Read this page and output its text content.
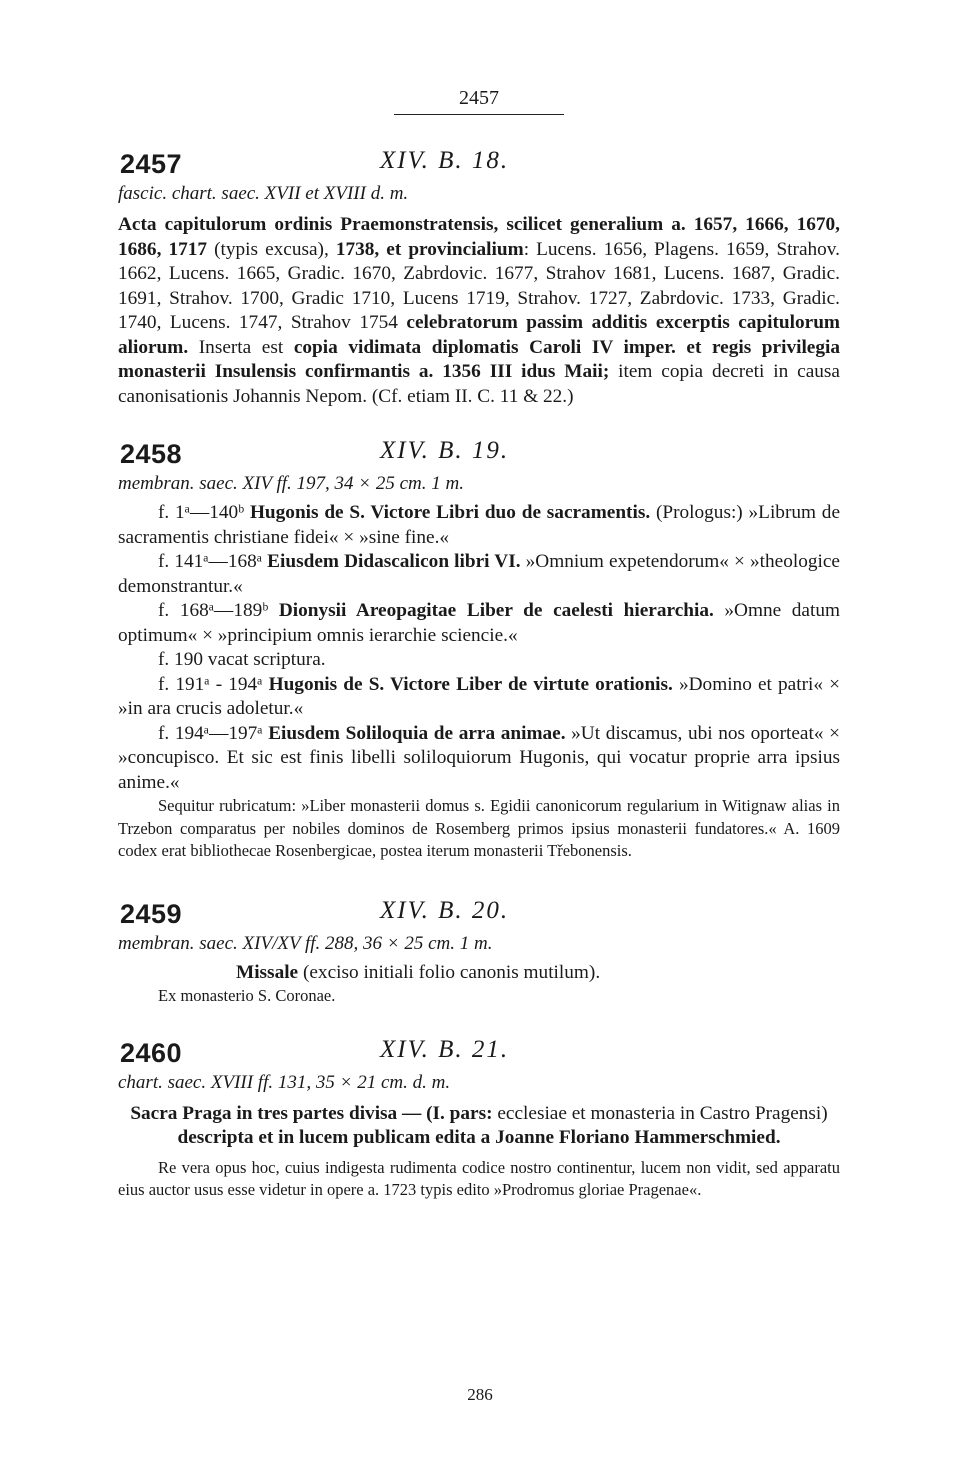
2457
2457	XIV. B. 18.
fascic. chart. saec. XVII et XVIII d. m.

Acta capitulorum ordinis Praemonstratensis, scilicet generalium a. 1657, 1666, 1670, 1686, 1717 (typis excusa), 1738, et provincialium: Lucens. 1656, Plagens. 1659, Strahov. 1662, Lucens. 1665, Gradic. 1670, Zabrdovic. 1677, Strahov 1681, Lucens. 1687, Gradic. 1691, Strahov. 1700, Gradic 1710, Lucens 1719, Strahov. 1727, Zabrdovic. 1733, Gradic. 1740, Lucens. 1747, Strahov 1754 celebratorum passim additis excerptis capitulorum aliorum. Inserta est copia vidimata diplomatis Caroli IV imper. et regis privilegia monasterii Insulensis confirmantis a. 1356 III idus Maii; item copia decreti in causa canonisationis Johannis Nepom. (Cf. etiam II. C. 11 & 22.)

2458	XIV. B. 19.
membran. saec. XIV ff. 197, 34 × 25 cm. 1 m.

f. 1ᵃ—140ᵇ Hugonis de S. Victore Libri duo de sacramentis. (Prologus:) »Librum de sacramentis christiane fidei« × »sine fine.«

f. 141ᵃ—168ᵃ Eiusdem Didascalicon libri VI. »Omnium expetendorum« × »theologice demonstrantur.«

f. 168ᵃ—189ᵇ Dionysii Areopagitae Liber de caelesti hierarchia. »Omne datum optimum« × »principium omnis ierarchie sciencie.«

f. 190 vacat scriptura.

f. 191ᵃ - 194ᵃ Hugonis de S. Victore Liber de virtute orationis. »Domino et patri« × »in ara crucis adoletur.«

f. 194ᵃ—197ᵃ Eiusdem Soliloquia de arra animae. »Ut discamus, ubi nos oporteat« × »concupisco. Et sic est finis libelli soliloquiorum Hugonis, qui vocatur proprie arra ipsius anime.«

Sequitur rubricatum: »Liber monasterii domus s. Egidii canonicorum regularium in Witignaw alias in Trzebon comparatus per nobiles dominos de Rosemberg primos ipsius monasterii fundatores.« A. 1609 codex erat bibliothecae Rosenbergicae, postea iterum monasterii Třebonensis.

2459	XIV. B. 20.
membran. saec. XIV/XV ff. 288, 36 × 25 cm. 1 m.

Missale (exciso initiali folio canonis mutilum).

Ex monasterio S. Coronae.

2460	XIV. B. 21.
chart. saec. XVIII ff. 131, 35 × 21 cm. d. m.

Sacra Praga in tres partes divisa — (I. pars: ecclesiae et monasteria in Castro Pragensi) descripta et in lucem publicam edita a Joanne Floriano Hammerschmied.

Re vera opus hoc, cuius indigesta rudimenta codice nostro continentur, lucem non vidit, sed apparatu eius auctor usus esse videtur in opere a. 1723 typis edito »Prodromus gloriae Pragenae«.

286
